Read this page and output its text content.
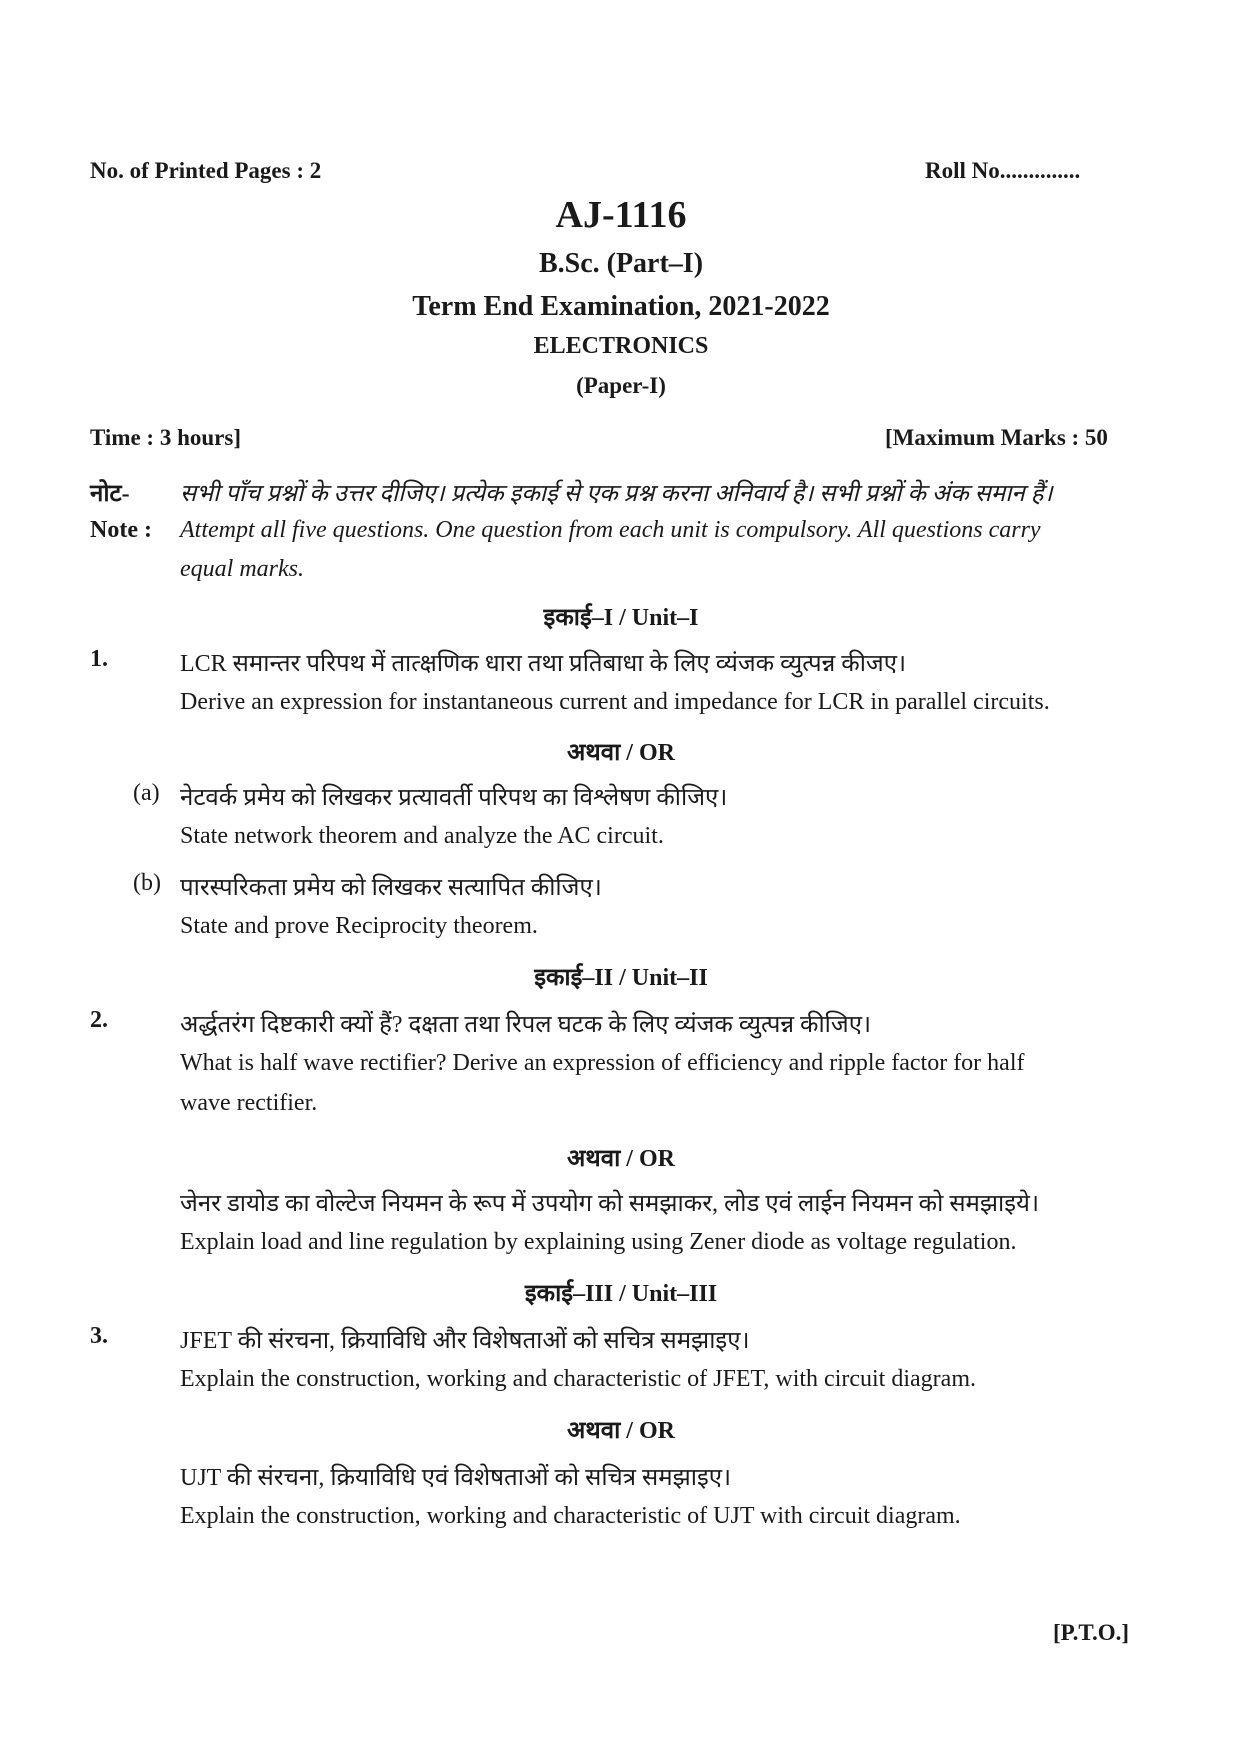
No. of Printed Pages : 2	Roll No..............
AJ-1116
B.Sc. (Part–I)
Term End Examination, 2021-2022
ELECTRONICS
(Paper-I)
Time : 3 hours]	[Maximum Marks : 50
नोट- सभी पाँच प्रश्नों के उत्तर दीजिए। प्रत्येक इकाई से एक प्रश्न करना अनिवार्य है। सभी प्रश्नों के अंक समान हैं।
Note : Attempt all five questions. One question from each unit is compulsory. All questions carry
equal marks.
इकाई–I / Unit–I
1.	LCR समान्तर परिपथ में तात्क्षणिक धारा तथा प्रतिबाधा के लिए व्यंजक व्युत्पन्न कीजए।
Derive an expression for instantaneous current and impedance for LCR in parallel circuits.
अथवा / OR
(a) नेटवर्क प्रमेय को लिखकर प्रत्यावर्ती परिपथ का विश्लेषण कीजिए।
State network theorem and analyze the AC circuit.
(b) पारस्परिकता प्रमेय को लिखकर सत्यापित कीजिए।
State and prove Reciprocity theorem.
इकाई–II / Unit–II
2.	अर्द्धतरंग दिष्टकारी क्यों हैं? दक्षता तथा रिपल घटक के लिए व्यंजक व्युत्पन्न कीजिए।
What is half wave rectifier? Derive an expression of efficiency and ripple factor for half
wave rectifier.
अथवा / OR
जेनर डायोड का वोल्टेज नियमन के रूप में उपयोग को समझाकर, लोड एवं लाईन नियमन को समझाइये।
Explain load and line regulation by explaining using Zener diode as voltage regulation.
इकाई–III / Unit–III
3.	JFET की संरचना, क्रियाविधि और विशेषताओं को सचित्र समझाइए।
Explain the construction, working and characteristic of JFET, with circuit diagram.
अथवा / OR
UJT की संरचना, क्रियाविधि एवं विशेषताओं को सचित्र समझाइए।
Explain the construction, working and characteristic of UJT with circuit diagram.
[P.T.O.]
